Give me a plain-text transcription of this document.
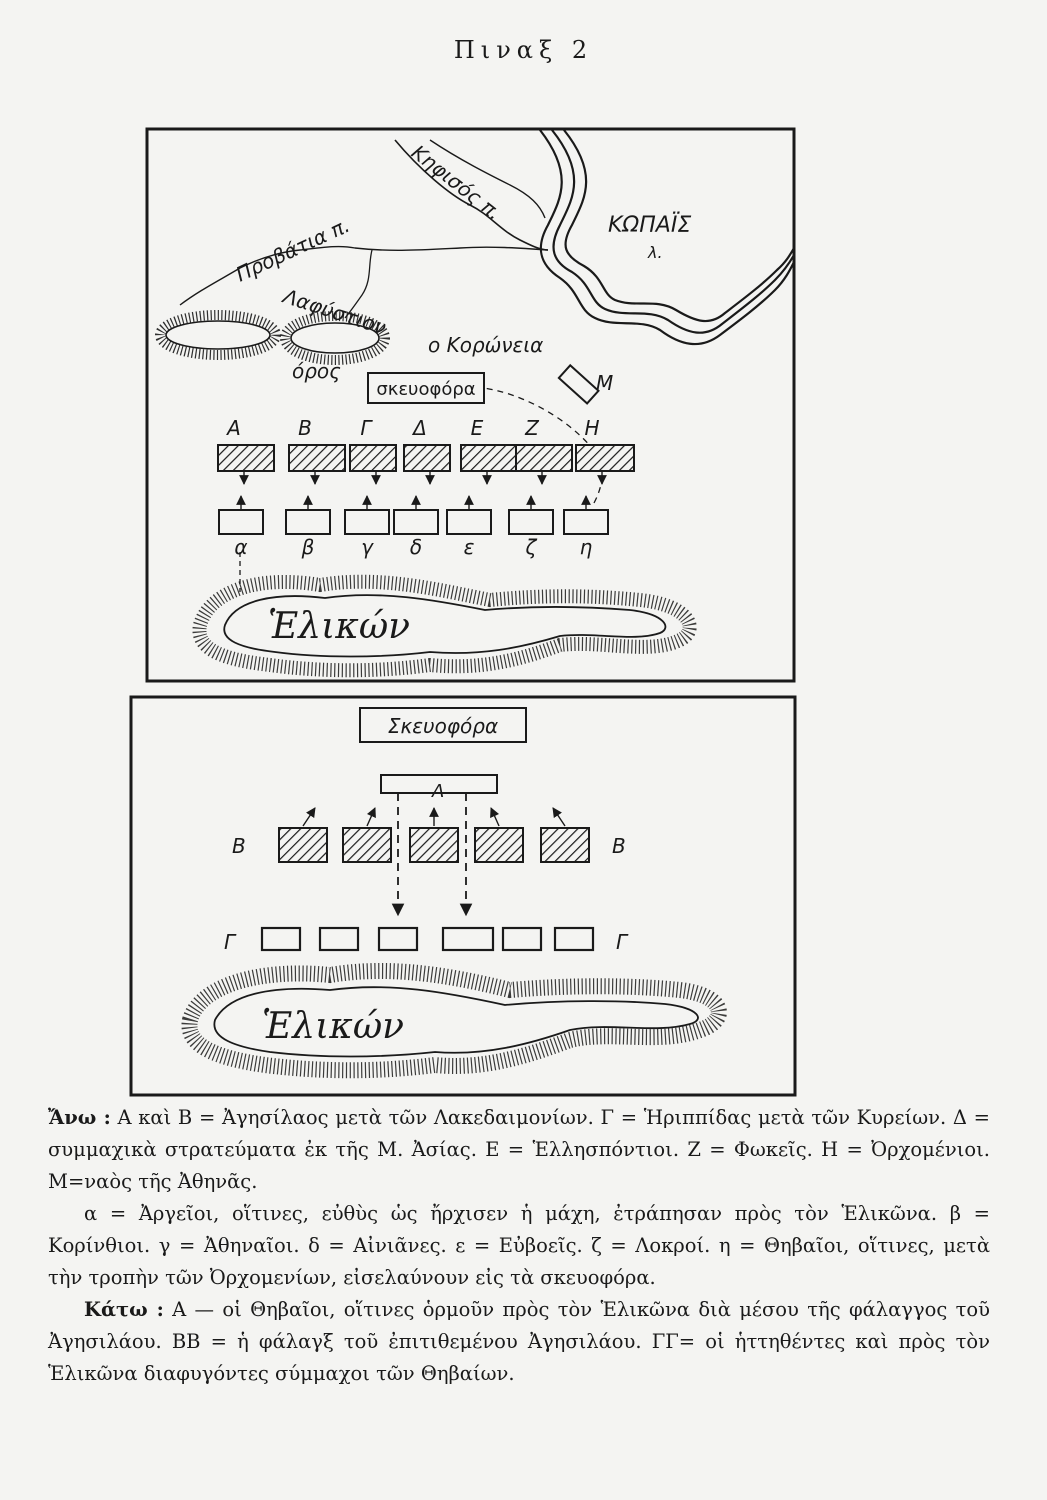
Πιναξ 2
Κηφισός π.
ΚΩΠΑΪΣ
λ.
Προβάτια π.
Λαφύστιον
όρος
ο Κορώνεια
σκευοφόρα	Μ
Α	Β Γ Δ Ε Ζ Η
α	β γ δ ε	ζ η
Ἑλικών
Σκευοφόρα
Α
Β	Β
Γ	Γ
Ἑλικών

Ἄνω : Α καὶ Β = Ἀγησίλαος μετὰ τῶν Λακεδαιμονίων. Γ = Ἡριππίδας μετὰ τῶν Κυρείων. Δ = συμμαχικὰ στρατεύματα ἐκ τῆς Μ. Ἀσίας. Ε = Ἑλλησπόντιοι. Ζ = Φωκεῖς. Η = Ὀρχομένιοι. Μ=ναὸς τῆς Ἀθηνᾶς.

α = Ἀργεῖοι, οἵτινες, εὐθὺς ὡς ἤρχισεν ἡ μάχη, ἐτράπησαν πρὸς τὸν Ἑλικῶνα. β = Κορίνθιοι. γ = Ἀθηναῖοι. δ = Αἰνιᾶνες. ε = Εὐβοεῖς. ζ = Λοκροί. η = Θηβαῖοι, οἵτινες, μετὰ τὴν τροπὴν τῶν Ὀρχομενίων, εἰσελαύνουν εἰς τὰ σκευοφόρα.

Κάτω : Α — οἱ Θηβαῖοι, οἵτινες ὁρμοῦν πρὸς τὸν Ἑλικῶνα διὰ μέσου τῆς φάλαγγος τοῦ Ἀγησιλάου. ΒΒ = ἡ φάλαγξ τοῦ ἐπιτιθεμένου Ἀγησιλάου. ΓΓ= οἱ ἡττηθέντες καὶ πρὸς τὸν Ἑλικῶνα διαφυγόντες σύμμαχοι τῶν Θηβαίων.
